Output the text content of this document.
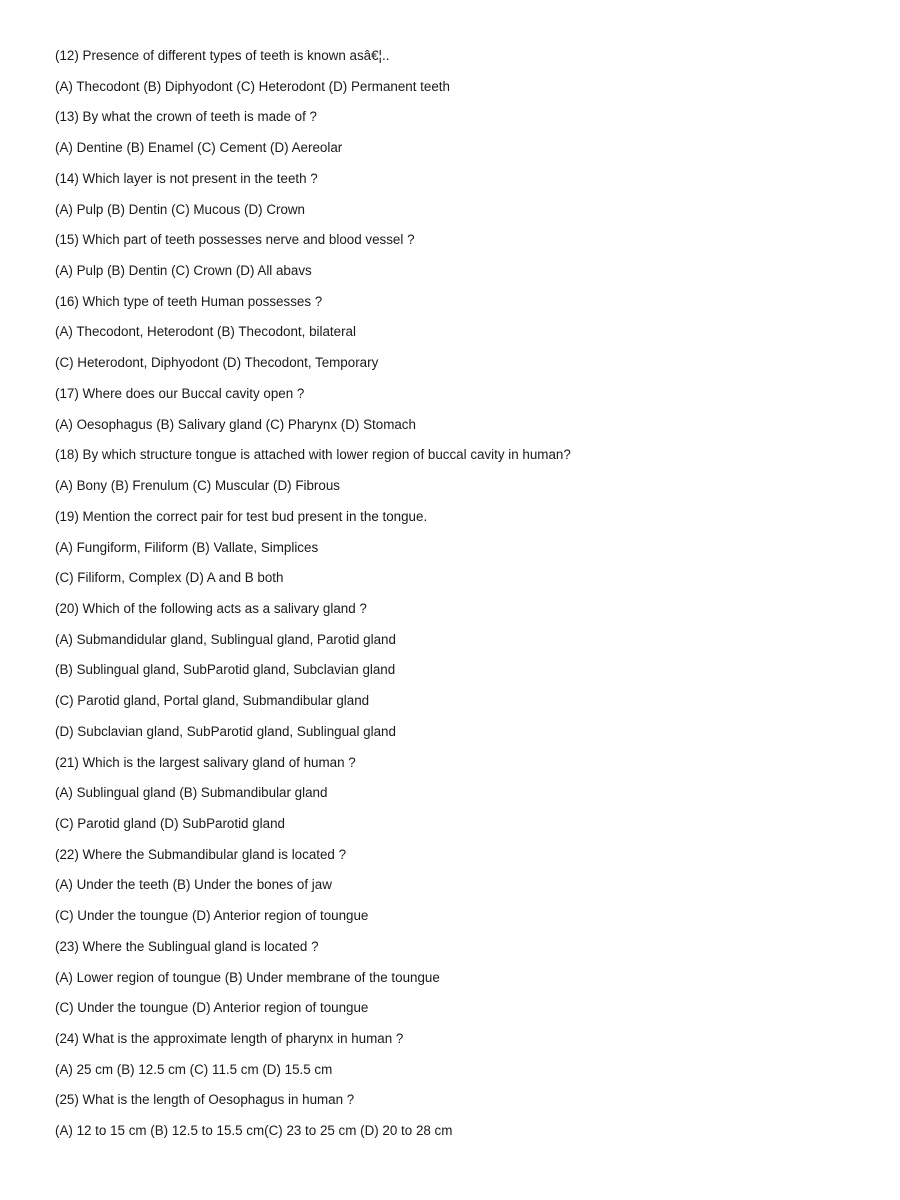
(12) Presence of different types of teeth is known asâ€¦..
(A) Thecodont (B) Diphyodont (C) Heterodont (D) Permanent teeth
(13) By what the crown of teeth is made of ?
(A) Dentine (B) Enamel (C) Cement (D) Aereolar
(14) Which layer is not present in the teeth ?
(A) Pulp (B) Dentin (C) Mucous (D) Crown
(15) Which part of teeth possesses nerve and blood vessel ?
(A) Pulp (B) Dentin (C) Crown (D) All abavs
(16) Which type of teeth Human possesses ?
(A) Thecodont, Heterodont (B) Thecodont, bilateral
(C) Heterodont, Diphyodont (D) Thecodont, Temporary
(17) Where does our Buccal cavity open ?
(A) Oesophagus (B) Salivary gland (C) Pharynx (D) Stomach
(18) By which structure tongue is attached with lower region of buccal cavity in human?
(A) Bony (B) Frenulum (C) Muscular (D) Fibrous
(19) Mention the correct pair for test bud present in the tongue.
(A) Fungiform, Filiform (B) Vallate, Simplices
(C) Filiform, Complex (D) A and B both
(20) Which of the following acts as a salivary gland ?
(A) Submandidular gland, Sublingual gland, Parotid gland
(B) Sublingual gland, SubParotid gland, Subclavian gland
(C) Parotid gland, Portal gland, Submandibular gland
(D) Subclavian gland, SubParotid gland, Sublingual gland
(21) Which is the largest salivary gland of human ?
(A) Sublingual gland (B) Submandibular gland
(C) Parotid gland (D) SubParotid gland
(22) Where the Submandibular gland is located ?
(A) Under the teeth (B) Under the bones of jaw
(C) Under the toungue (D) Anterior region of toungue
(23) Where the Sublingual gland is located ?
(A) Lower region of toungue (B) Under membrane of the toungue
(C) Under the toungue (D) Anterior region of toungue
(24) What is the approximate length of pharynx in human ?
(A) 25 cm (B) 12.5 cm (C) 11.5 cm (D) 15.5 cm
(25) What is the length of Oesophagus in human ?
(A) 12 to 15 cm (B) 12.5 to 15.5 cm(C) 23 to 25 cm (D) 20 to 28 cm
